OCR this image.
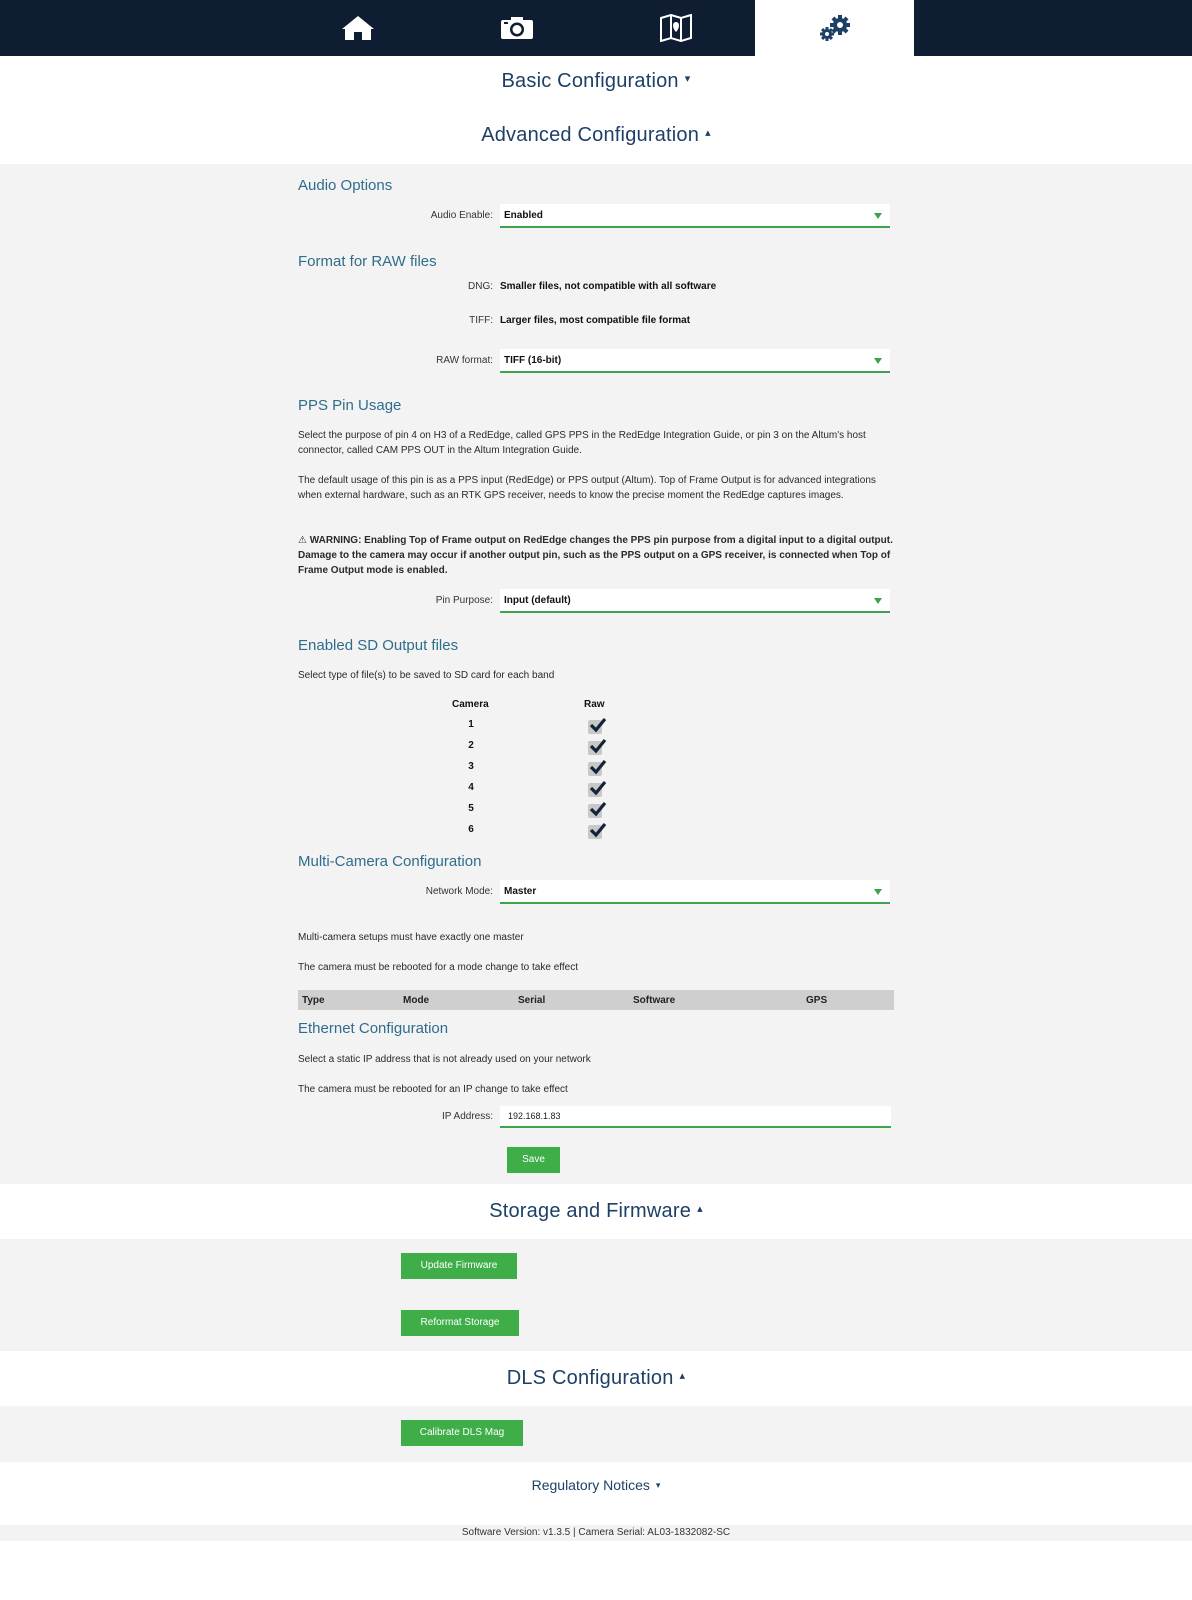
Basic Configuration ▾
Advanced Configuration ▴
Audio Options
Audio Enable:	Enabled
Format for RAW files
DNG: Smaller files, not compatible with all software
TIFF: Larger files, most compatible file format
RAW format:	TIFF (16-bit)
PPS Pin Usage
Select the purpose of pin 4 on H3 of a RedEdge, called GPS PPS in the RedEdge Integration Guide, or pin 3 on the Altum's host connector, called CAM PPS OUT in the Altum Integration Guide.
The default usage of this pin is as a PPS input (RedEdge) or PPS output (Altum). Top of Frame Output is for advanced integrations when external hardware, such as an RTK GPS receiver, needs to know the precise moment the RedEdge captures images.
⚠ WARNING: Enabling Top of Frame output on RedEdge changes the PPS pin purpose from a digital input to a digital output. Damage to the camera may occur if another output pin, such as the PPS output on a GPS receiver, is connected when Top of Frame Output mode is enabled.
Pin Purpose:	Input (default)
Enabled SD Output files
Select type of file(s) to be saved to SD card for each band
Camera	Raw
1
2
3
4
5
6
Multi-Camera Configuration
Network Mode:	Master
Multi-camera setups must have exactly one master
The camera must be rebooted for a mode change to take effect
Type	Mode	Serial	Software	GPS
Ethernet Configuration
Select a static IP address that is not already used on your network
The camera must be rebooted for an IP change to take effect
IP Address:
192.168.1.83
Save
Storage and Firmware ▴
Update Firmware
Reformat Storage
DLS Configuration ▴
Calibrate DLS Mag
Regulatory Notices ▾
Software Version: v1.3.5 | Camera Serial: AL03-1832082-SC
